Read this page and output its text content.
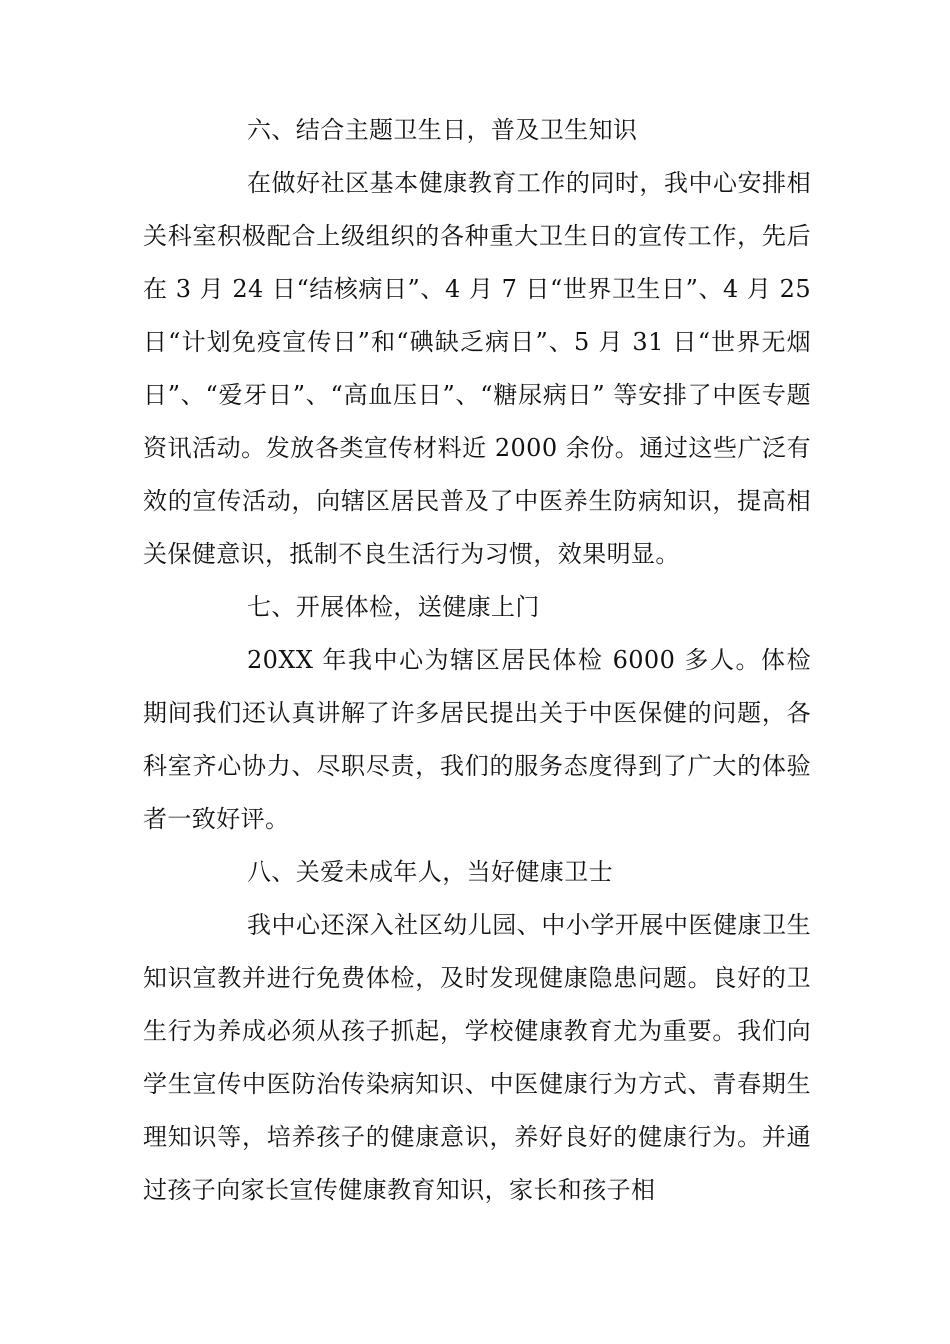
六、结合主题卫生日，普及卫生知识

在做好社区基本健康教育工作的同时，我中心安排相关科室积极配合上级组织的各种重大卫生日的宣传工作，先后在 3 月 24 日“结核病日”、4 月 7 日“世界卫生日”、4 月 25 日“计划免疫宣传日”和“碘缺乏病日”、5 月 31 日“世界无烟日”、“爱牙日”、“高血压日”、“糖尿病日” 等安排了中医专题资讯活动。发放各类宣传材料近 2000 余份。通过这些广泛有效的宣传活动，向辖区居民普及了中医养生防病知识，提高相关保健意识，抵制不良生活行为习惯，效果明显。

七、开展体检，送健康上门

20XX 年我中心为辖区居民体检 6000 多人。体检期间我们还认真讲解了许多居民提出关于中医保健的问题，各科室齐心协力、尽职尽责，我们的服务态度得到了广大的体验者一致好评。

八、关爱未成年人，当好健康卫士

我中心还深入社区幼儿园、中小学开展中医健康卫生知识宣教并进行免费体检，及时发现健康隐患问题。良好的卫生行为养成必须从孩子抓起，学校健康教育尤为重要。我们向学生宣传中医防治传染病知识、中医健康行为方式、青春期生理知识等，培养孩子的健康意识，养好良好的健康行为。并通过孩子向家长宣传健康教育知识，家长和孩子相
